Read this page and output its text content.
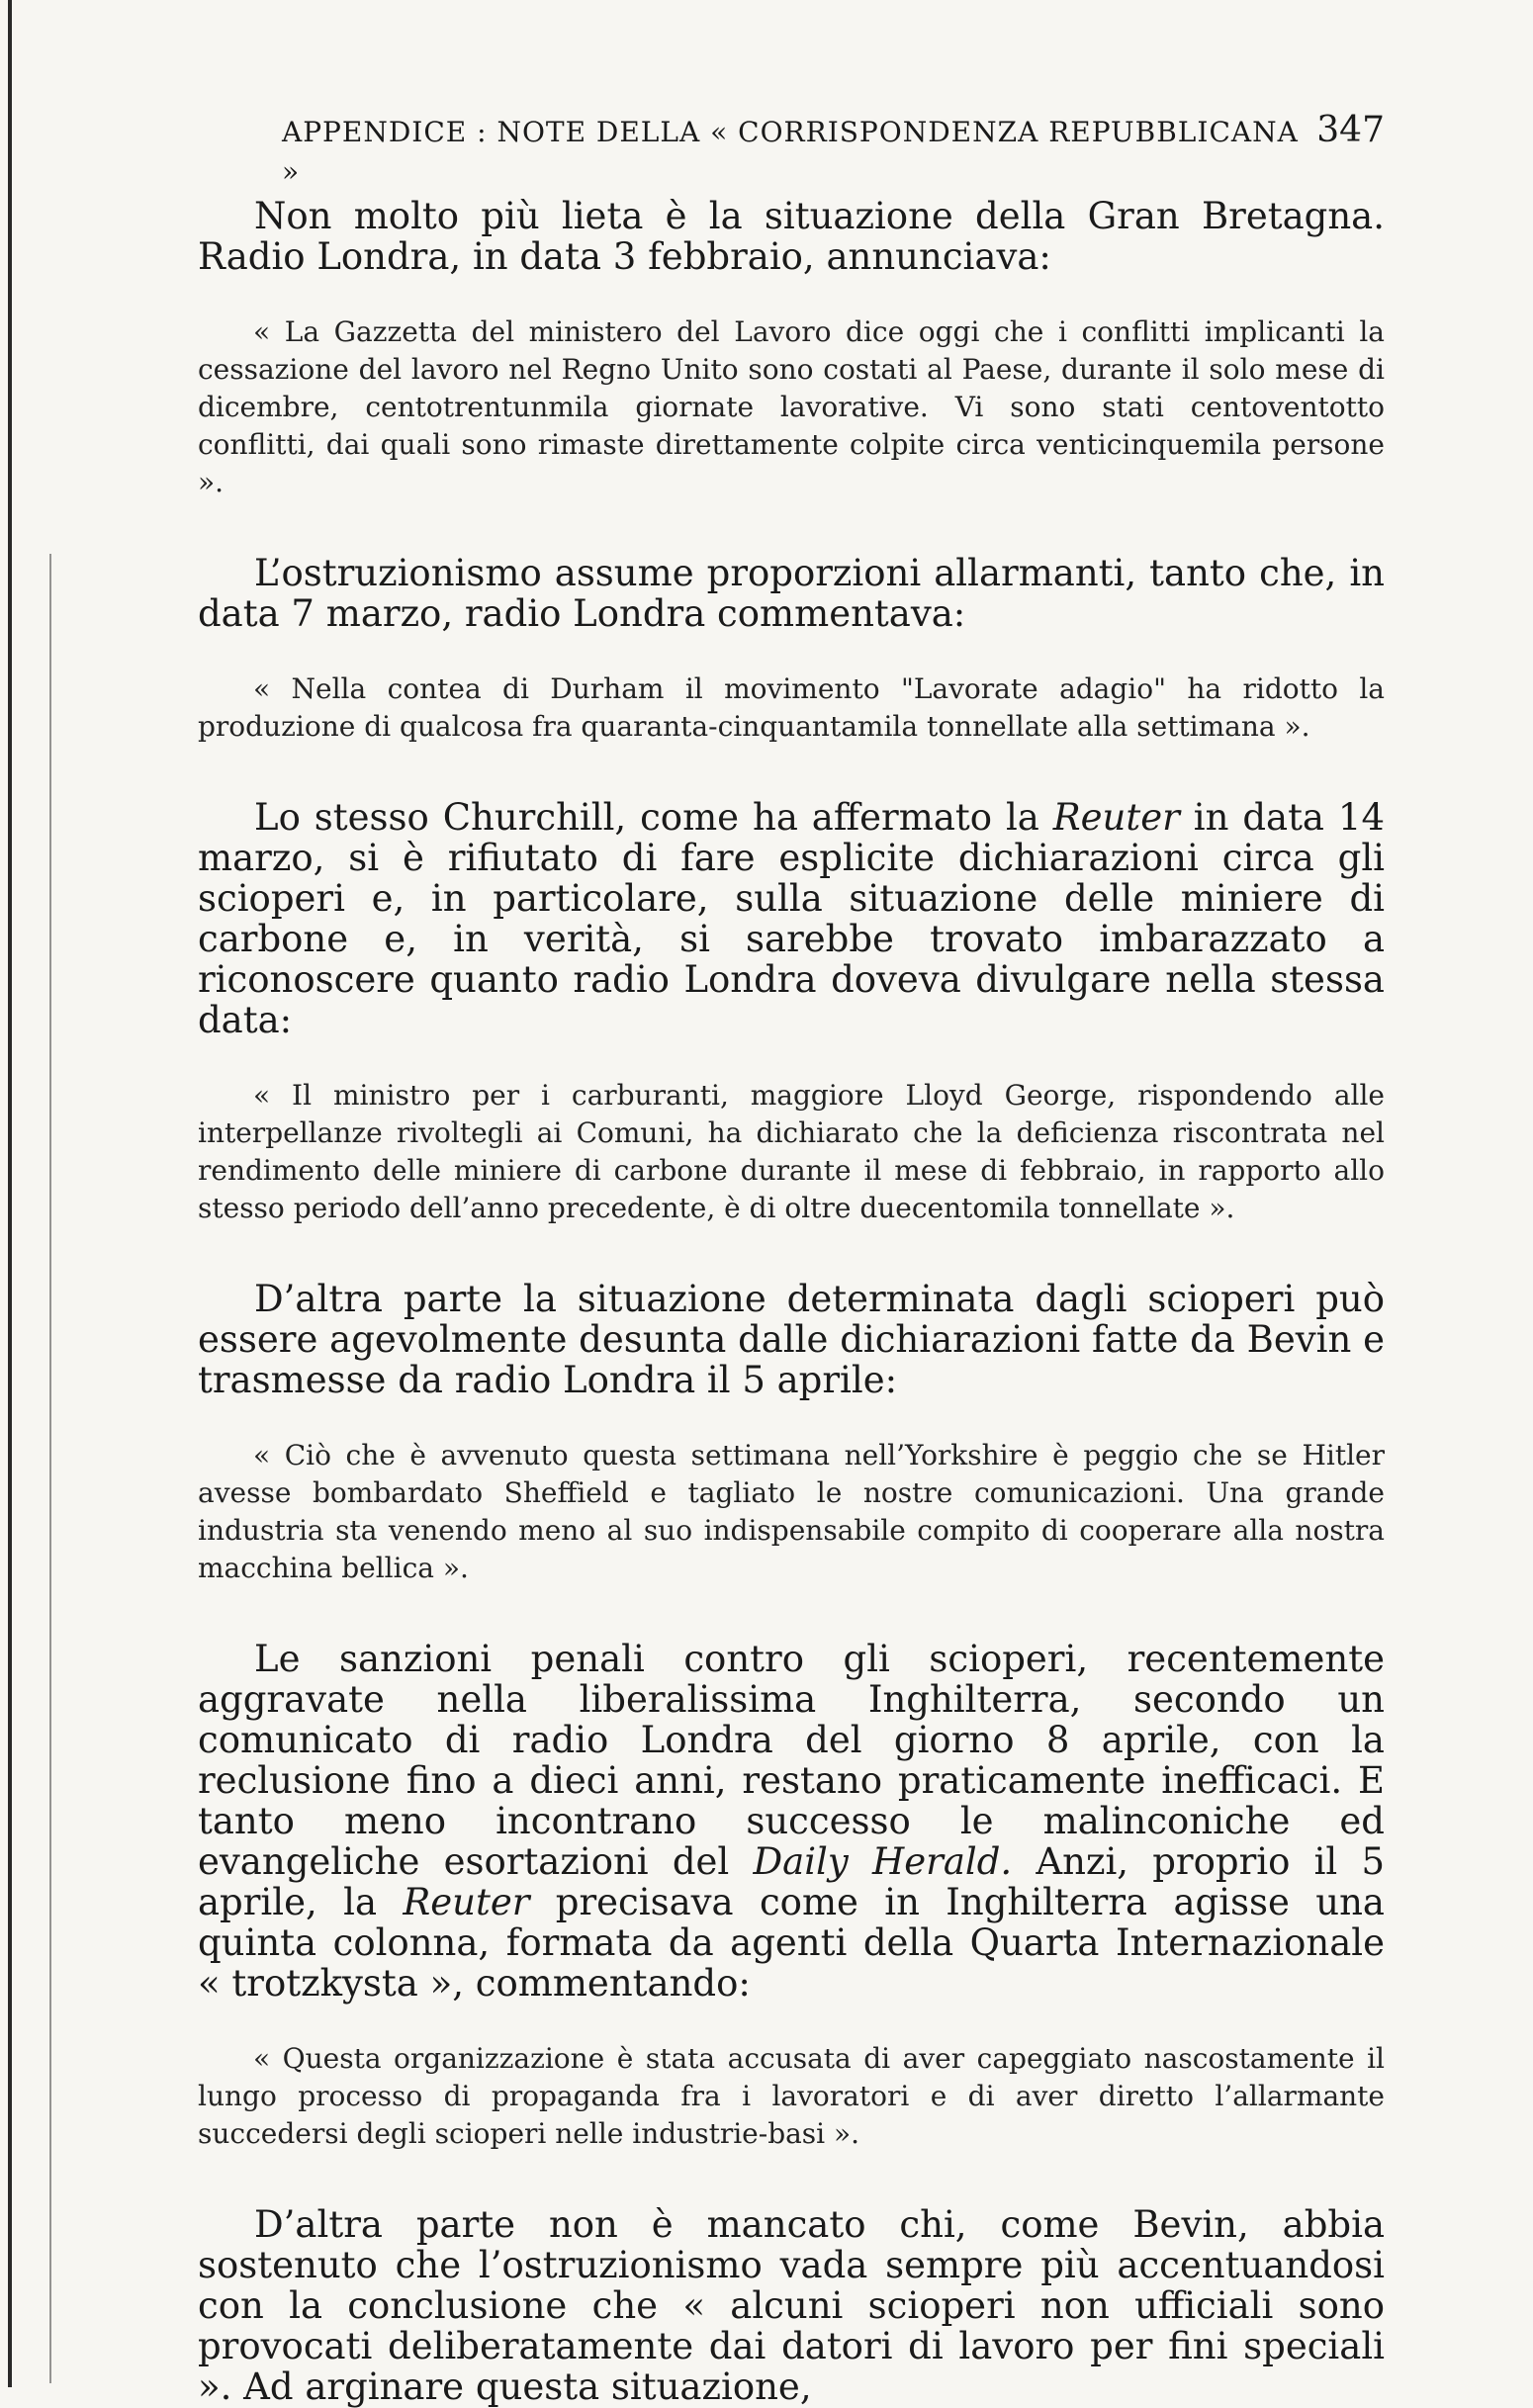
APPENDICE : NOTE DELLA « CORRISPONDENZA REPUBBLICANA »
347

Non molto più lieta è la situazione della Gran Bretagna. Radio Londra, in data 3 febbraio, annunciava:

« La Gazzetta del ministero del Lavoro dice oggi che i conflitti implicanti la cessazione del lavoro nel Regno Unito sono costati al Paese, durante il solo mese di dicembre, centotrentunmila giornate lavorative. Vi sono stati centoventotto conflitti, dai quali sono rimaste direttamente colpite circa venticinquemila persone ».

L’ostruzionismo assume proporzioni allarmanti, tanto che, in data 7 marzo, radio Londra commentava:

« Nella contea di Durham il movimento "Lavorate adagio" ha ridotto la produzione di qualcosa fra quaranta-cinquantamila tonnellate alla settimana ».

Lo stesso Churchill, come ha affermato la Reuter in data 14 marzo, si è rifiutato di fare esplicite dichiarazioni circa gli scioperi e, in particolare, sulla situazione delle miniere di carbone e, in verità, si sarebbe trovato imbarazzato a riconoscere quanto radio Londra doveva divulgare nella stessa data:

« Il ministro per i carburanti, maggiore Lloyd George, rispondendo alle interpellanze rivoltegli ai Comuni, ha dichiarato che la deficienza riscontrata nel rendimento delle miniere di carbone durante il mese di febbraio, in rapporto allo stesso periodo dell’anno precedente, è di oltre duecentomila tonnellate ».

D’altra parte la situazione determinata dagli scioperi può essere agevolmente desunta dalle dichiarazioni fatte da Bevin e trasmesse da radio Londra il 5 aprile:

« Ciò che è avvenuto questa settimana nell’Yorkshire è peggio che se Hitler avesse bombardato Sheffield e tagliato le nostre comunicazioni. Una grande industria sta venendo meno al suo indispensabile compito di cooperare alla nostra macchina bellica ».

Le sanzioni penali contro gli scioperi, recentemente aggravate nella liberalissima Inghilterra, secondo un comunicato di radio Londra del giorno 8 aprile, con la reclusione fino a dieci anni, restano praticamente inefficaci. E tanto meno incontrano successo le malinconiche ed evangeliche esortazioni del Daily Herald. Anzi, proprio il 5 aprile, la Reuter precisava come in Inghilterra agisse una quinta colonna, formata da agenti della Quarta Internazionale « trotzkysta », commentando:

« Questa organizzazione è stata accusata di aver capeggiato nascostamente il lungo processo di propaganda fra i lavoratori e di aver diretto l’allarmante succedersi degli scioperi nelle industrie-basi ».

D’altra parte non è mancato chi, come Bevin, abbia sostenuto che l’ostruzionismo vada sempre più accentuandosi con la conclusione che « alcuni scioperi non ufficiali sono provocati deliberatamente dai datori di lavoro per fini speciali ». Ad arginare questa situazione,
